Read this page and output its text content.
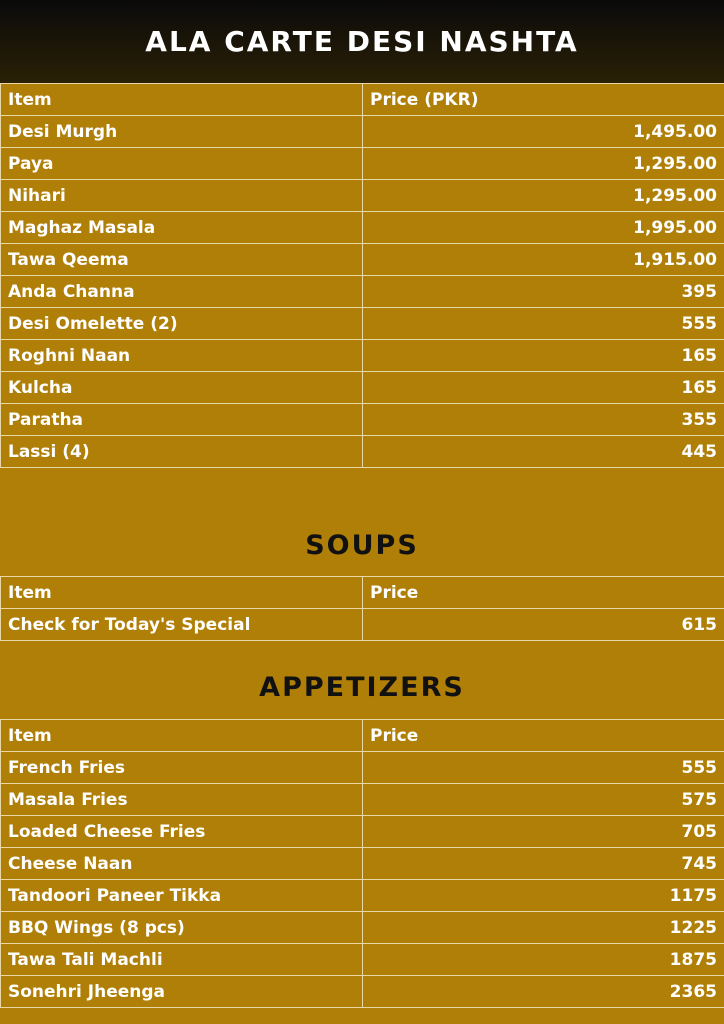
ALA CARTE DESI NASHTA
Item	Price (PKR)
Desi Murgh	1,495.00
Paya	1,295.00
Nihari	1,295.00
Maghaz Masala	1,995.00
Tawa Qeema	1,915.00
Anda Channa	395
Desi Omelette (2)	555
Roghni Naan	165
Kulcha	165
Paratha	355
Lassi (4)	445
SOUPS
Item	Price
Check for Today's Special	615
APPETIZERS
Item	Price
French Fries	555
Masala Fries	575
Loaded Cheese Fries	705
Cheese Naan	745
Tandoori Paneer Tikka	1175
BBQ Wings (8 pcs)	1225
Tawa Tali Machli	1875
Sonehri Jheenga	2365
